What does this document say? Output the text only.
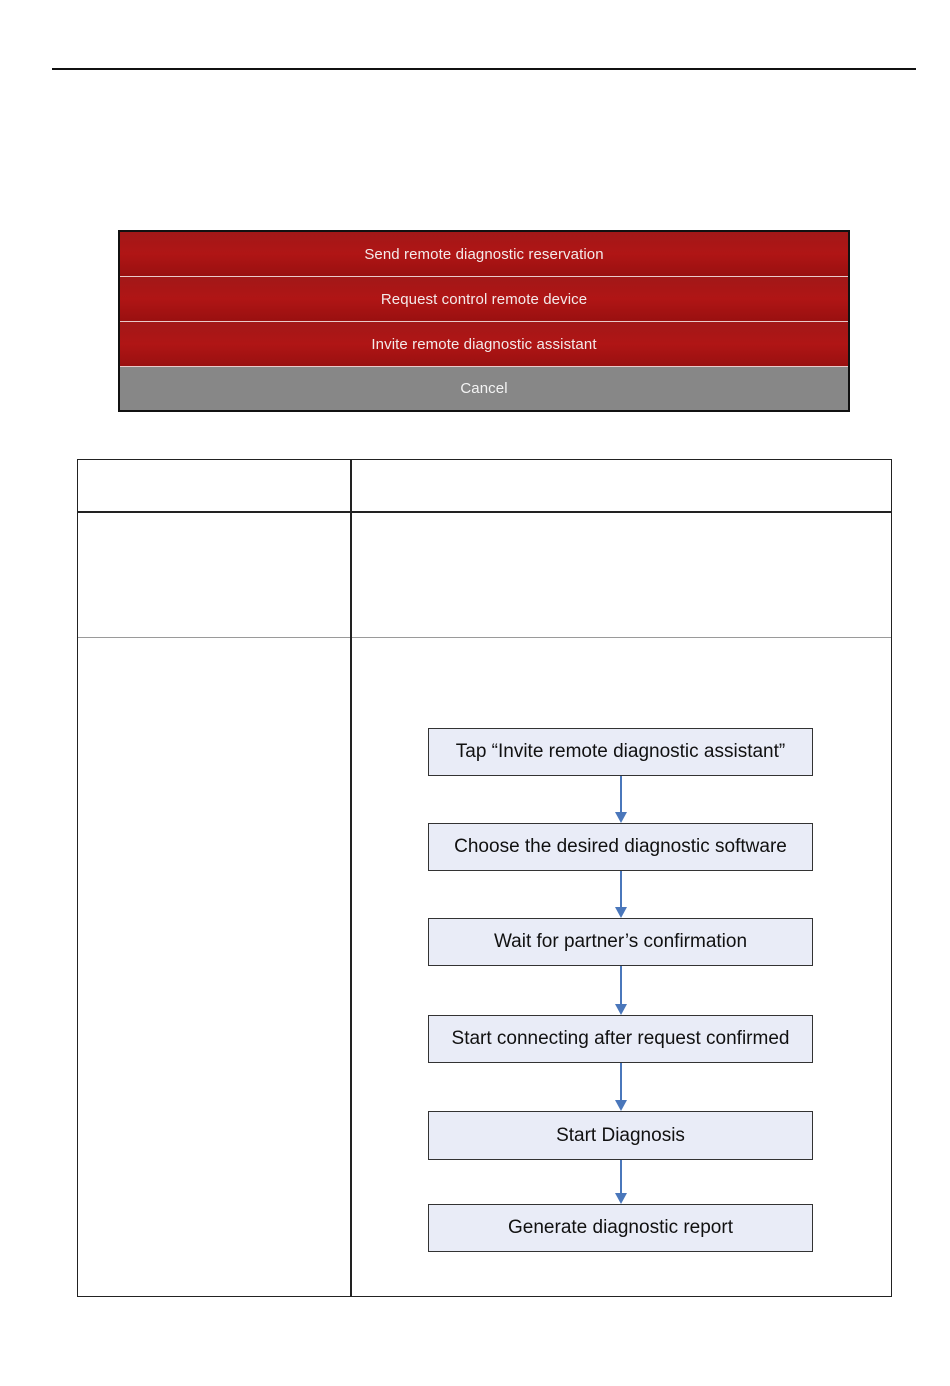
Send remote diagnostic reservation
Request control remote device
Invite remote diagnostic assistant
Cancel
Tap “Invite remote diagnostic assistant”
Choose the desired diagnostic software
Wait for partner’s confirmation
Start connecting after request confirmed
Start Diagnosis
Generate diagnostic report
